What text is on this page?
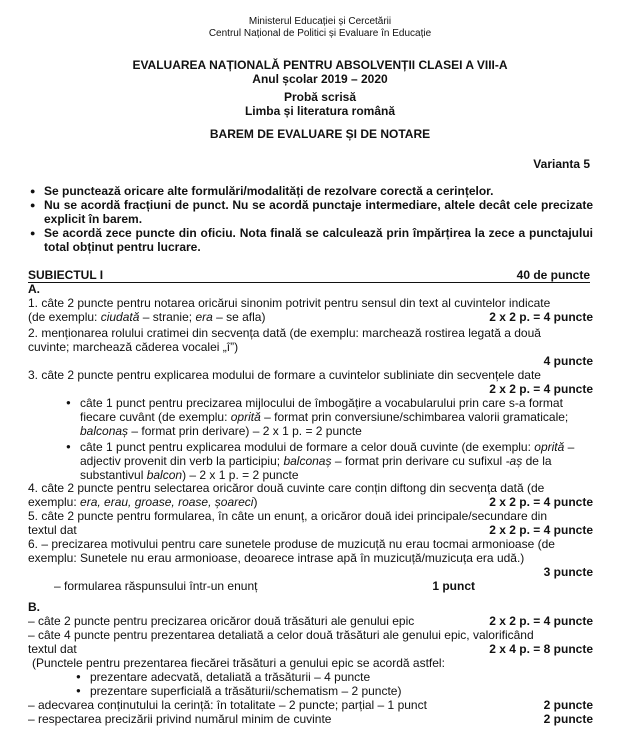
Ministerul Educației și Cercetării
Centrul Național de Politici și Evaluare în Educație
EVALUAREA NAȚIONALĂ PENTRU ABSOLVENȚII CLASEI A VIII-A
Anul școlar 2019 – 2020
Probă scrisă
Limba și literatura română
BAREM DE EVALUARE ȘI DE NOTARE
Varianta 5
● Se punctează oricare alte formulări/modalități de rezolvare corectă a cerințelor.
● Nu se acordă fracțiuni de punct. Nu se acordă punctaje intermediare, altele decât cele precizate explicit în barem.
● Se acordă zece puncte din oficiu. Nota finală se calculează prin împărțirea la zece a punctajului total obținut pentru lucrare.
SUBIECTUL I	40 de puncte
A.
1. câte 2 puncte pentru notarea oricărui sinonim potrivit pentru sensul din text al cuvintelor indicate
(de exemplu: ciudată – stranie; era – se afla)	2 x 2 p. = 4 puncte
2. menționarea rolului cratimei din secvența dată (de exemplu: marchează rostirea legată a două
cuvinte; marchează căderea vocalei „î”)
4 puncte
3. câte 2 puncte pentru explicarea modului de formare a cuvintelor subliniate din secvențele date
2 x 2 p. = 4 puncte
● câte 1 punct pentru precizarea mijlocului de îmbogățire a vocabularului prin care s-a format
fiecare cuvânt (de exemplu: oprită – format prin conversiune/schimbarea valorii gramaticale;
balconaș – format prin derivare) – 2 x 1 p. = 2 puncte
● câte 1 punct pentru explicarea modului de formare a celor două cuvinte (de exemplu: oprită –
adjectiv provenit din verb la participiu; balconaș – format prin derivare cu sufixul -aș de la
substantivul balcon) – 2 x 1 p. = 2 puncte
4. câte 2 puncte pentru selectarea oricăror două cuvinte care conțin diftong din secvența dată (de
exemplu: era, erau, groase, roase, șoareci)	2 x 2 p. = 4 puncte
5. câte 2 puncte pentru formularea, în câte un enunț, a oricăror două idei principale/secundare din
textul dat	2 x 2 p. = 4 puncte
6. – precizarea motivului pentru care sunetele produse de muzicuță nu erau tocmai armonioase (de
exemplu: Sunetele nu erau armonioase, deoarece intrase apă în muzicuță/muzicuța era udă.)
3 puncte
– formularea răspunsului într-un enunț	1 punct
B.
– câte 2 puncte pentru precizarea oricăror două trăsături ale genului epic	2 x 2 p. = 4 puncte
– câte 4 puncte pentru prezentarea detaliată a celor două trăsături ale genului epic, valorificând
textul dat	2 x 4 p. = 8 puncte
(Punctele pentru prezentarea fiecărei trăsături a genului epic se acordă astfel:
● prezentare adecvată, detaliată a trăsăturii – 4 puncte
● prezentare superficială a trăsăturii/schematism – 2 puncte)
– adecvarea conținutului la cerință: în totalitate – 2 puncte; parțial – 1 punct	2 puncte
– respectarea precizării privind numărul minim de cuvinte	2 puncte
